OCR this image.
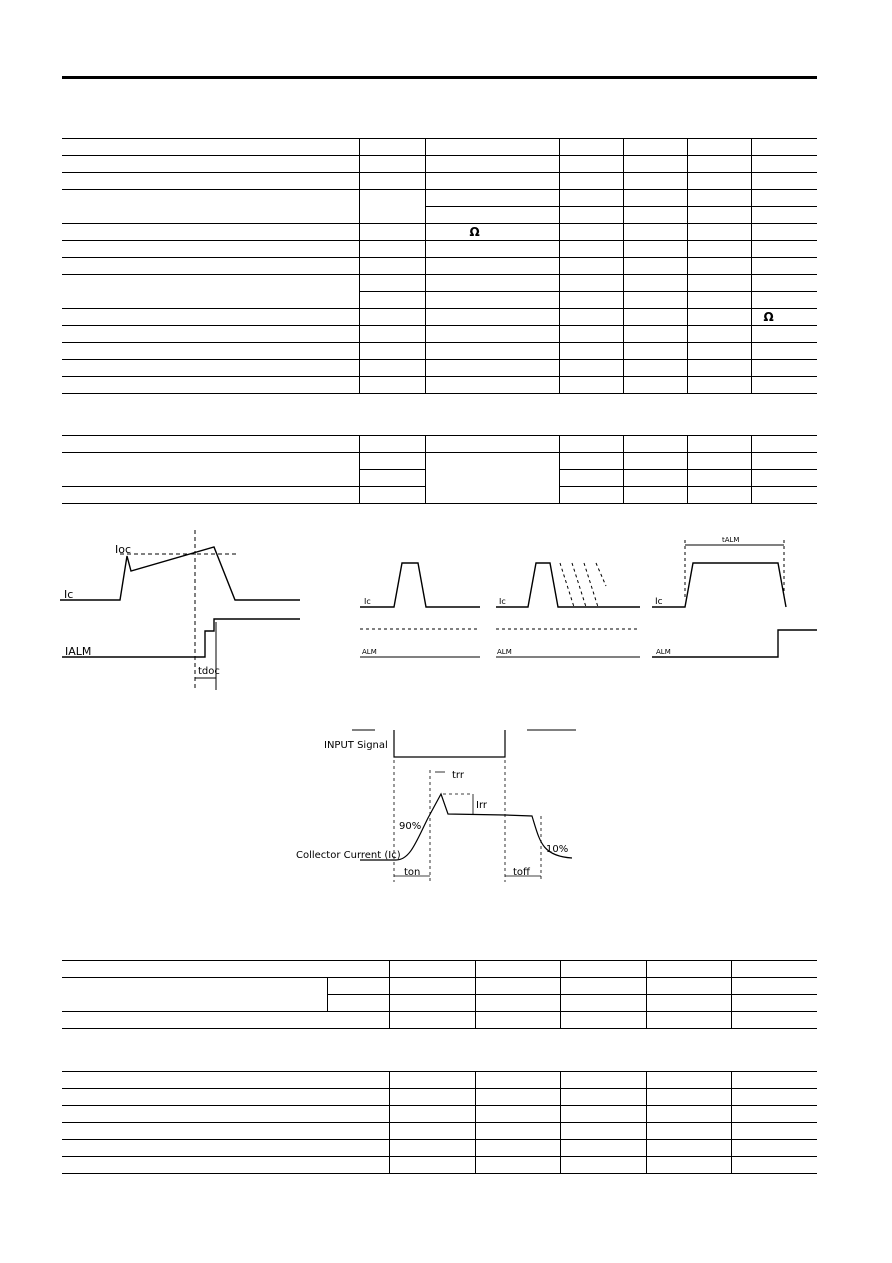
		Ω				

						Ω

Ioc
Ic
IALM
tdoc
Ic
ALM
Ic
ALM
tALM
Ic
ALM
INPUT Signal
trr
Irr
90%
10%
Collector Current (Ic)
ton	toff
